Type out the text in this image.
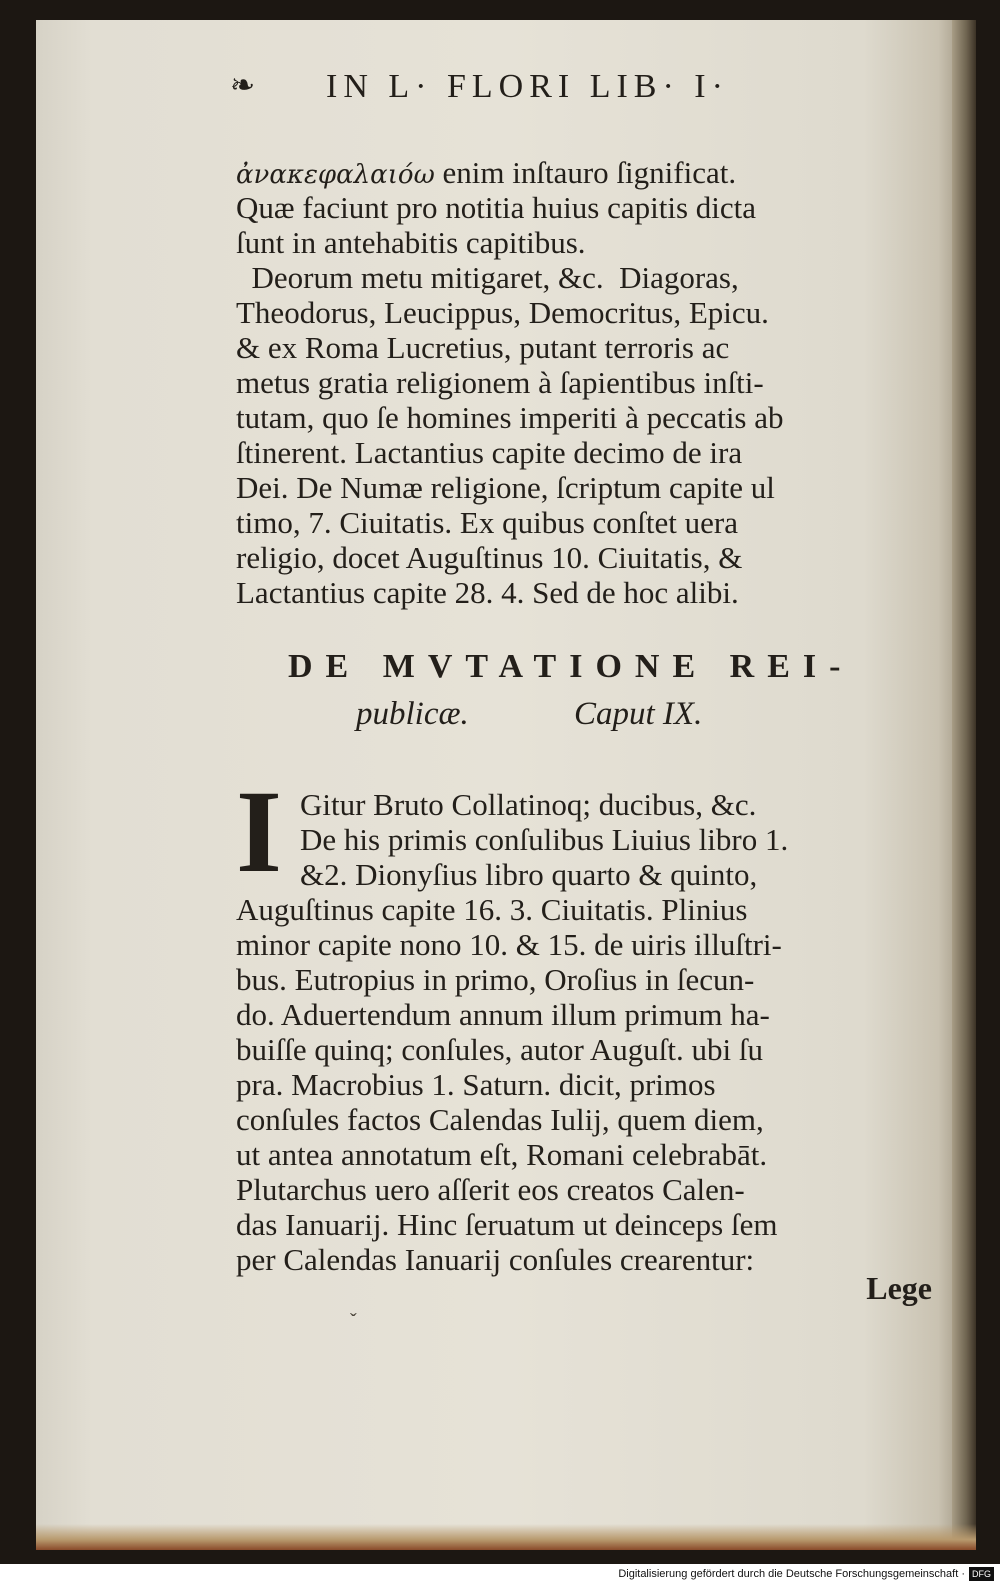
❧ IN L· FLORI LIB· I·
ἀνακεφαλαιόω enim inſtauro ſignificat.
Quæ faciunt pro notitia huius capitis dicta
ſunt in antehabitis capitibus.
Deorum metu mitigaret, &c.  Diagoras,
Theodorus, Leucippus, Democritus, Epicu.
& ex Roma Lucretius, putant terroris ac
metus gratia religionem à ſapientibus inſti-
tutam, quo ſe homines imperiti à peccatis ab
ſtinerent. Lactantius capite decimo de ira
Dei. De Numæ religione, ſcriptum capite ul
timo, 7. Ciuitatis. Ex quibus conſtet uera
religio, docet Auguſtinus 10. Ciuitatis, &
Lactantius capite 28. 4. Sed de hoc alibi.
DE MVTATIONE REI-
publicæ.	Caput IX.
I Gitur Bruto Collatinoq; ducibus, &c.
De his primis conſulibus Liuius libro 1.
&2. Dionyſius libro quarto & quinto,
Auguſtinus capite 16. 3. Ciuitatis. Plinius
minor capite nono 10. & 15. de uiris illuſtri-
bus. Eutropius in primo, Oroſius in ſecun-
do. Aduertendum annum illum primum ha-
buiſſe quinq; conſules, autor Auguſt. ubi ſu
pra. Macrobius 1. Saturn. dicit, primos
conſules factos Calendas Iulij, quem diem,
ut antea annotatum eſt, Romani celebrabāt.
Plutarchus uero aſſerit eos creatos Calen-
das Ianuarij. Hinc ſeruatum ut deinceps ſem
per Calendas Ianuarij conſules crearentur:
Lege
ˇ
Digitalisierung gefördert durch die Deutsche Forschungsgemeinschaft · DFG
